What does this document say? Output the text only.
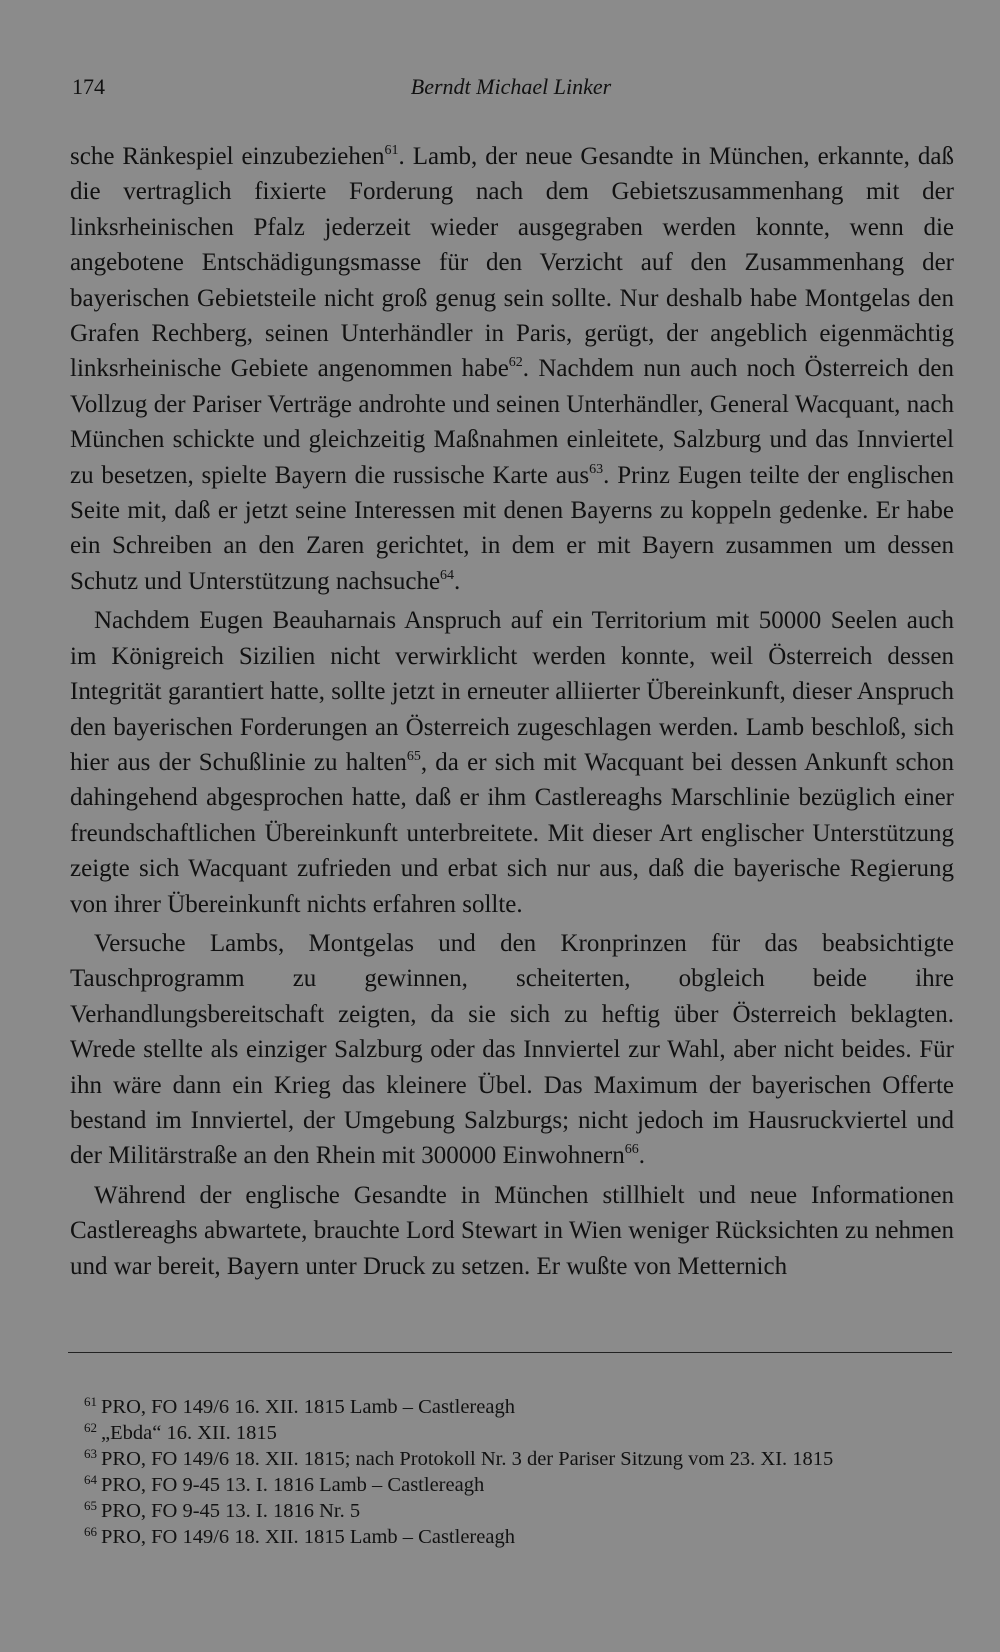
174	Berndt Michael Linker

sche Ränkespiel einzubeziehen$^{61}$. Lamb, der neue Gesandte in München, erkannte, daß die vertraglich fixierte Forderung nach dem Gebietszusammenhang mit der linksrheinischen Pfalz jederzeit wieder ausgegraben werden konnte, wenn die angebotene Entschädigungsmasse für den Verzicht auf den Zusammenhang der bayerischen Gebietsteile nicht groß genug sein sollte. Nur deshalb habe Montgelas den Grafen Rechberg, seinen Unterhändler in Paris, gerügt, der angeblich eigenmächtig linksrheinische Gebiete angenommen habe$^{62}$. Nachdem nun auch noch Österreich den Vollzug der Pariser Verträge androhte und seinen Unterhändler, General Wacquant, nach München schickte und gleichzeitig Maßnahmen einleitete, Salzburg und das Innviertel zu besetzen, spielte Bayern die russische Karte aus$^{63}$. Prinz Eugen teilte der englischen Seite mit, daß er jetzt seine Interessen mit denen Bayerns zu koppeln gedenke. Er habe ein Schreiben an den Zaren gerichtet, in dem er mit Bayern zusammen um dessen Schutz und Unterstützung nachsuche$^{64}$.

Nachdem Eugen Beauharnais Anspruch auf ein Territorium mit 50000 Seelen auch im Königreich Sizilien nicht verwirklicht werden konnte, weil Österreich dessen Integrität garantiert hatte, sollte jetzt in erneuter alliierter Übereinkunft, dieser Anspruch den bayerischen Forderungen an Österreich zugeschlagen werden. Lamb beschloß, sich hier aus der Schußlinie zu halten$^{65}$, da er sich mit Wacquant bei dessen Ankunft schon dahingehend abgesprochen hatte, daß er ihm Castlereaghs Marschlinie bezüglich einer freundschaftlichen Übereinkunft unterbreitete. Mit dieser Art englischer Unterstützung zeigte sich Wacquant zufrieden und erbat sich nur aus, daß die bayerische Regierung von ihrer Übereinkunft nichts erfahren sollte.

Versuche Lambs, Montgelas und den Kronprinzen für das beabsichtigte Tauschprogramm zu gewinnen, scheiterten, obgleich beide ihre Verhandlungsbereitschaft zeigten, da sie sich zu heftig über Österreich beklagten. Wrede stellte als einziger Salzburg oder das Innviertel zur Wahl, aber nicht beides. Für ihn wäre dann ein Krieg das kleinere Übel. Das Maximum der bayerischen Offerte bestand im Innviertel, der Umgebung Salzburgs; nicht jedoch im Hausruckviertel und der Militärstraße an den Rhein mit 300000 Einwohnern$^{66}$.

Während der englische Gesandte in München stillhielt und neue Informationen Castlereaghs abwartete, brauchte Lord Stewart in Wien weniger Rücksichten zu nehmen und war bereit, Bayern unter Druck zu setzen. Er wußte von Metternich

$^{61}$ PRO, FO 149/6 16. XII. 1815 Lamb – Castlereagh
$^{62}$ „Ebda“ 16. XII. 1815
$^{63}$ PRO, FO 149/6 18. XII. 1815; nach Protokoll Nr. 3 der Pariser Sitzung vom 23. XI. 1815
$^{64}$ PRO, FO 9-45 13. I. 1816 Lamb – Castlereagh
$^{65}$ PRO, FO 9-45 13. I. 1816 Nr. 5
$^{66}$ PRO, FO 149/6 18. XII. 1815 Lamb – Castlereagh
